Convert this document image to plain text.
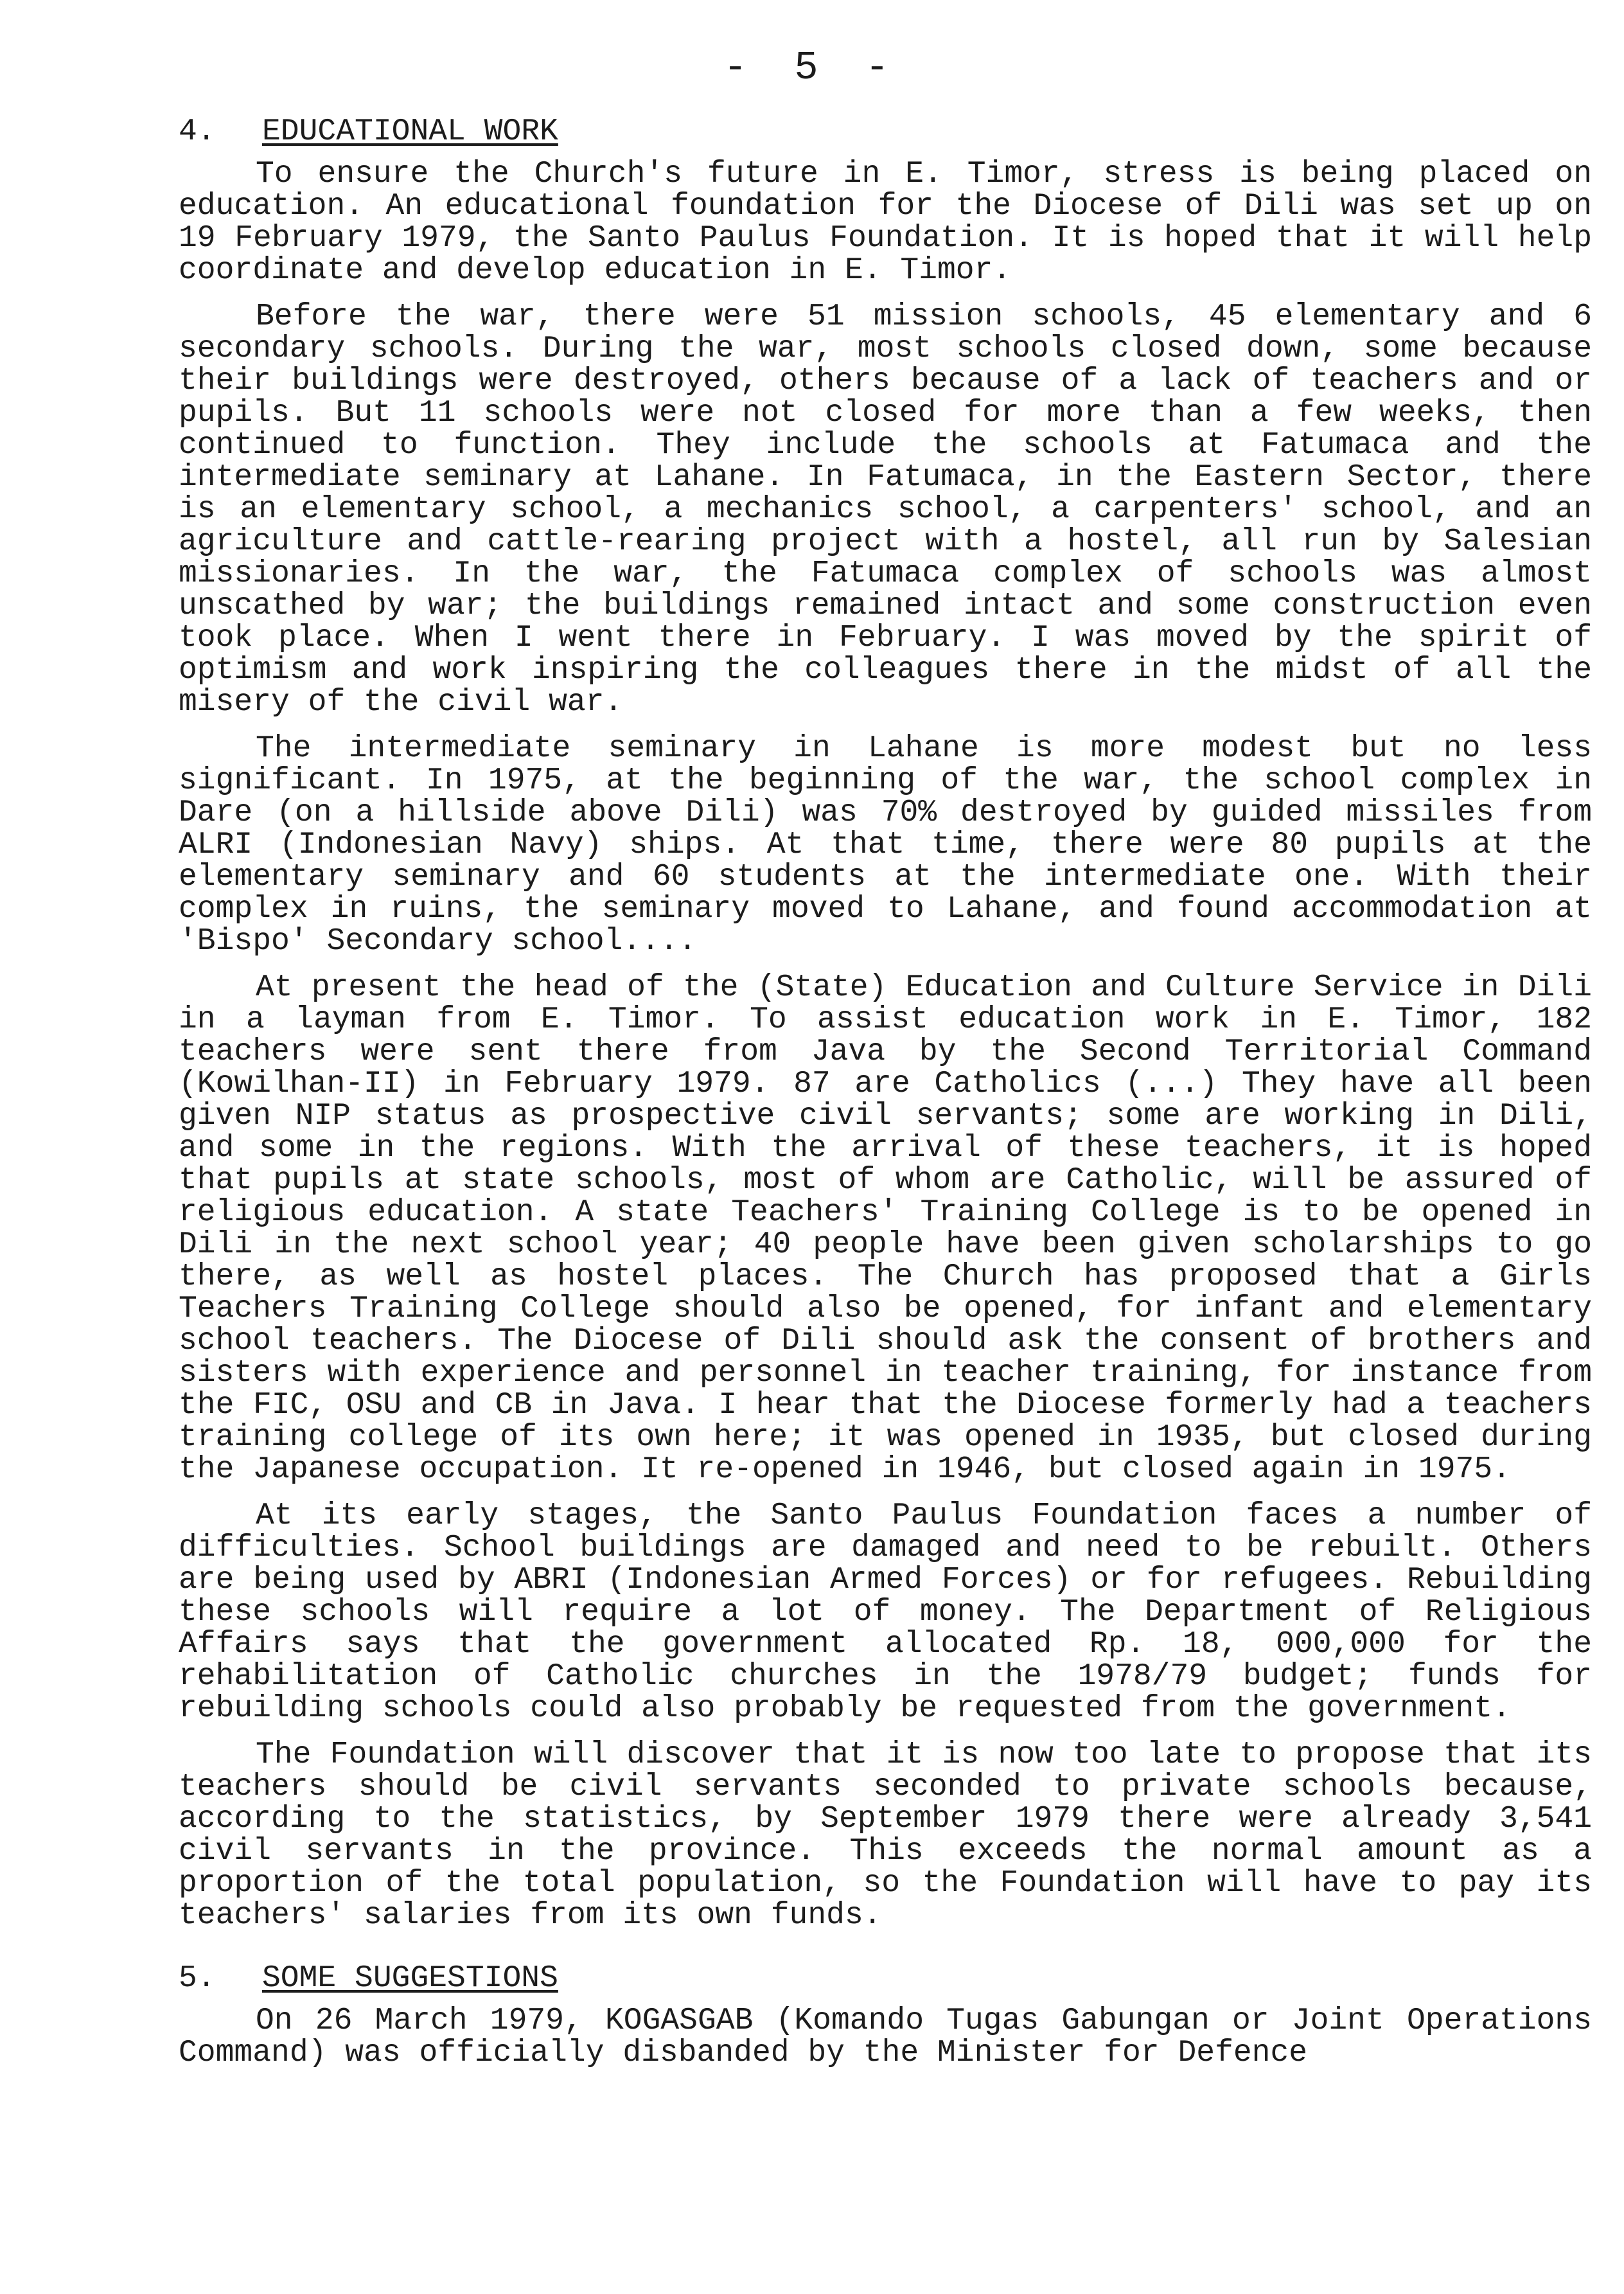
- 5 -
4.	EDUCATIONAL WORK

To ensure the Church's future in E. Timor, stress is being placed on education. An educational foundation for the Diocese of Dili was set up on 19 February 1979, the Santo Paulus Foundation. It is hoped that it will help coordinate and develop education in E. Timor.

Before the war, there were 51 mission schools, 45 elementary and 6 secondary schools. During the war, most schools closed down, some because their buildings were destroyed, others because of a lack of teachers and or pupils. But 11 schools were not closed for more than a few weeks, then continued to function. They include the schools at Fatumaca and the intermediate seminary at Lahane. In Fatumaca, in the Eastern Sector, there is an elementary school, a mechanics school, a carpenters' school, and an agriculture and cattle-rearing project with a hostel, all run by Salesian missionaries. In the war, the Fatumaca complex of schools was almost unscathed by war; the buildings remained intact and some construction even took place. When I went there in February. I was moved by the spirit of optimism and work inspiring the colleagues there in the midst of all the misery of the civil war.

The intermediate seminary in Lahane is more modest but no less significant. In 1975, at the beginning of the war, the school complex in Dare (on a hillside above Dili) was 70% destroyed by guided missiles from ALRI (Indonesian Navy) ships. At that time, there were 80 pupils at the elementary seminary and 60 students at the intermediate one. With their complex in ruins, the seminary moved to Lahane, and found accommodation at 'Bispo' Secondary school....

At present the head of the (State) Education and Culture Service in Dili in a layman from E. Timor. To assist education work in E. Timor, 182 teachers were sent there from Java by the Second Territorial Command (Kowilhan-II) in February 1979. 87 are Catholics (...) They have all been given NIP status as prospective civil servants; some are working in Dili, and some in the regions. With the arrival of these teachers, it is hoped that pupils at state schools, most of whom are Catholic, will be assured of religious education. A state Teachers' Training College is to be opened in Dili in the next school year; 40 people have been given scholarships to go there, as well as hostel places. The Church has proposed that a Girls Teachers Training College should also be opened, for infant and elementary school teachers. The Diocese of Dili should ask the consent of brothers and sisters with experience and personnel in teacher training, for instance from the FIC, OSU and CB in Java. I hear that the Diocese formerly had a teachers training college of its own here; it was opened in 1935, but closed during the Japanese occupation. It re-opened in 1946, but closed again in 1975.

At its early stages, the Santo Paulus Foundation faces a number of difficulties. School buildings are damaged and need to be rebuilt. Others are being used by ABRI (Indonesian Armed Forces) or for refugees. Rebuilding these schools will require a lot of money. The Department of Religious Affairs says that the government allocated Rp. 18, 000,000 for the rehabilitation of Catholic churches in the 1978/79 budget; funds for rebuilding schools could also probably be requested from the government.

The Foundation will discover that it is now too late to propose that its teachers should be civil servants seconded to private schools because, according to the statistics, by September 1979 there were already 3,541 civil servants in the province. This exceeds the normal amount as a proportion of the total population, so the Foundation will have to pay its teachers' salaries from its own funds.

5.	SOME SUGGESTIONS

On 26 March 1979, KOGASGAB (Komando Tugas Gabungan or Joint Operations Command) was officially disbanded by the Minister for Defence
